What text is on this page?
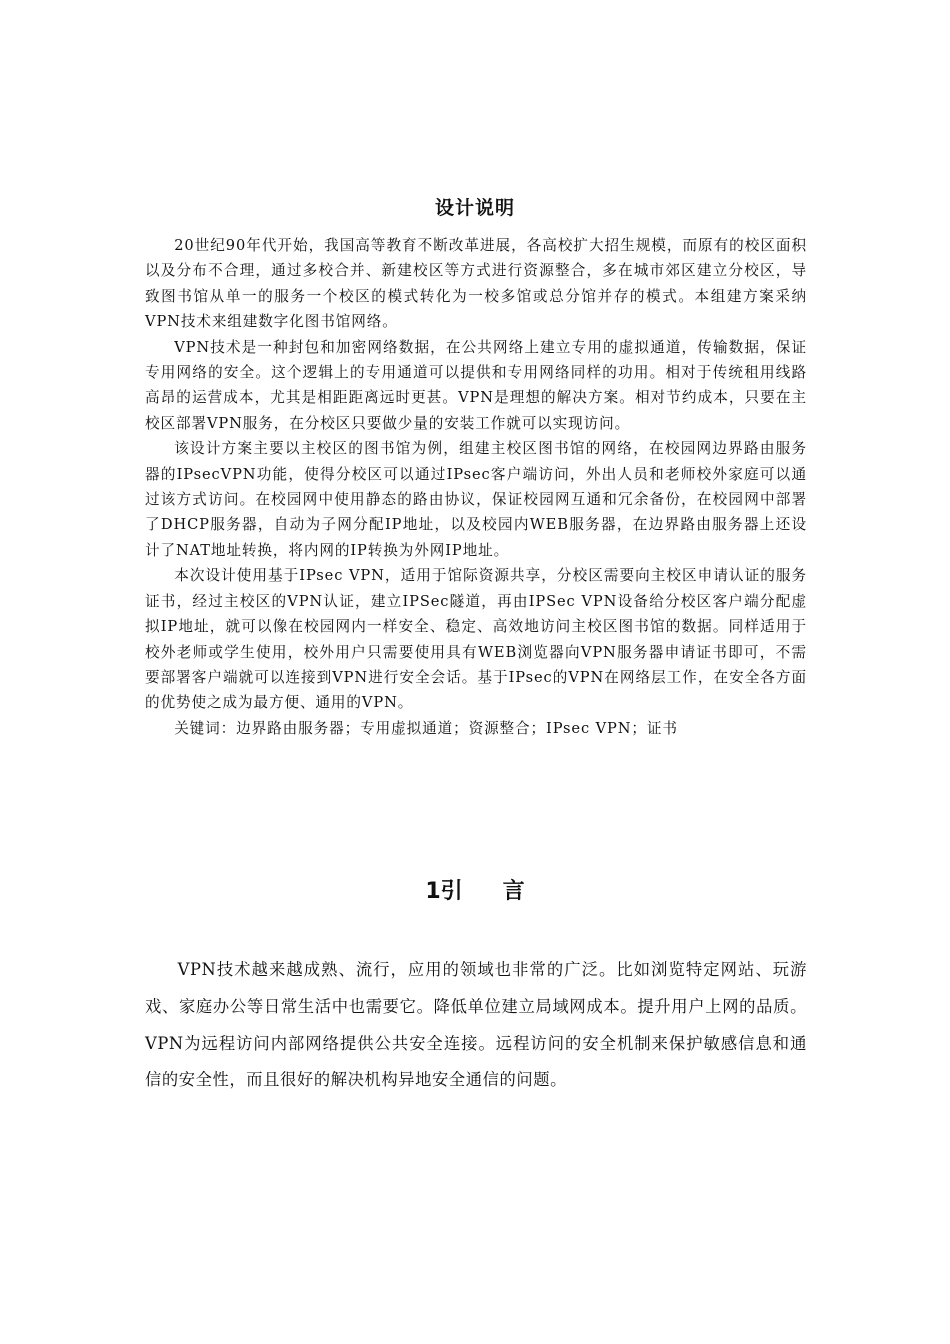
设计说明

20世纪90年代开始，我国高等教育不断改革进展，各高校扩大招生规模，而原有的校区面积以及分布不合理，通过多校合并、新建校区等方式进行资源整合，多在城市郊区建立分校区，导致图书馆从单一的服务一个校区的模式转化为一校多馆或总分馆并存的模式。本组建方案采纳VPN技术来组建数字化图书馆网络。

VPN技术是一种封包和加密网络数据，在公共网络上建立专用的虚拟通道，传输数据，保证专用网络的安全。这个逻辑上的专用通道可以提供和专用网络同样的功用。相对于传统租用线路高昂的运营成本，尤其是相距距离远时更甚。VPN是理想的解决方案。相对节约成本，只要在主校区部署VPN服务，在分校区只要做少量的安装工作就可以实现访问。

该设计方案主要以主校区的图书馆为例，组建主校区图书馆的网络，在校园网边界路由服务器的IPsecVPN功能，使得分校区可以通过IPsec客户端访问，外出人员和老师校外家庭可以通过该方式访问。在校园网中使用静态的路由协议，保证校园网互通和冗余备份，在校园网中部署了DHCP服务器，自动为子网分配IP地址，以及校园内WEB服务器，在边界路由服务器上还设计了NAT地址转换，将内网的IP转换为外网IP地址。

本次设计使用基于IPsec VPN，适用于馆际资源共享，分校区需要向主校区申请认证的服务证书，经过主校区的VPN认证，建立IPSec隧道，再由IPSec VPN设备给分校区客户端分配虚拟IP地址，就可以像在校园网内一样安全、稳定、高效地访问主校区图书馆的数据。同样适用于校外老师或学生使用，校外用户只需要使用具有WEB浏览器向VPN服务器申请证书即可，不需要部署客户端就可以连接到VPN进行安全会话。基于IPsec的VPN在网络层工作，在安全各方面的优势使之成为最方便、通用的VPN。

关键词：边界路由服务器；专用虚拟通道；资源整合；IPsec VPN；证书

1引 言

VPN技术越来越成熟、流行，应用的领域也非常的广泛。比如浏览特定网站、玩游戏、家庭办公等日常生活中也需要它。降低单位建立局域网成本。提升用户上网的品质。VPN为远程访问内部网络提供公共安全连接。远程访问的安全机制来保护敏感信息和通信的安全性，而且很好的解决机构异地安全通信的问题。
